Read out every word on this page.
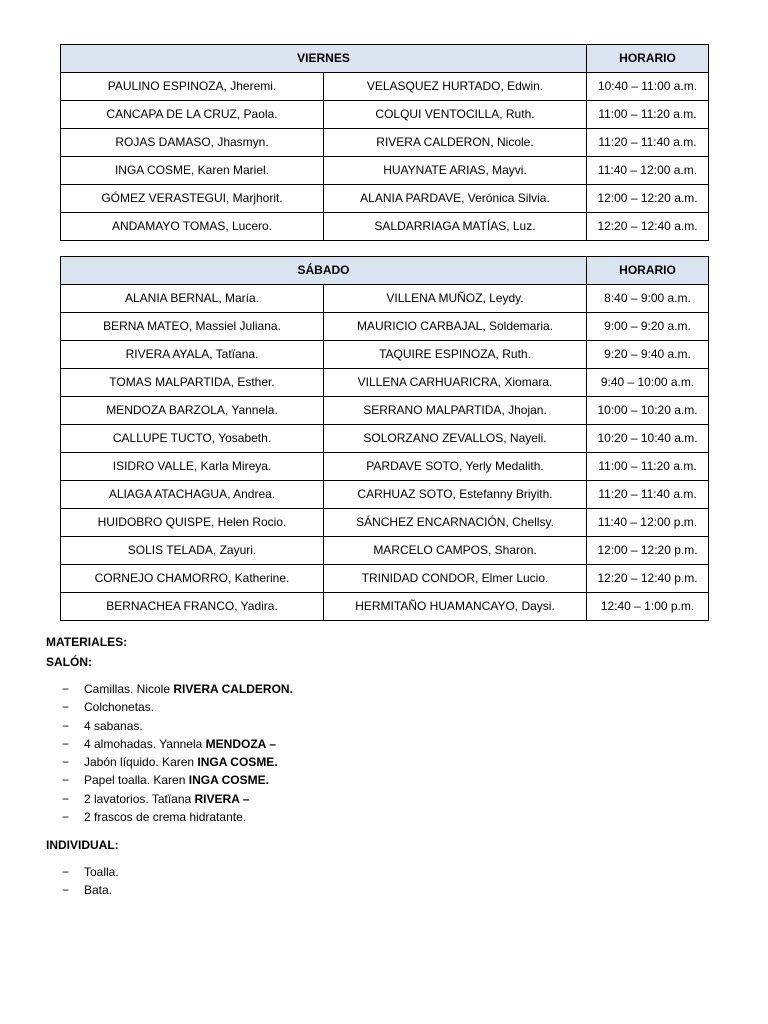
VIERNES		HORARIO
PAULINO ESPINOZA, Jheremi.	VELASQUEZ HURTADO, Edwin.	10:40 – 11:00 a.m.
CANCAPA DE LA CRUZ, Paola.	COLQUI VENTOCILLA, Ruth.	11:00 – 11:20 a.m.
ROJAS DAMASO, Jhasmyn.	RIVERA CALDERON, Nicole.	11:20 – 11:40 a.m.
INGA COSME, Karen Mariel.	HUAYNATE ARIAS, Mayvi.	11:40 – 12:00 a.m.
GÓMEZ VERASTEGUI, Marjhorit.	ALANIA PARDAVE, Verónica Silvia.	12:00 – 12:20 a.m.
ANDAMAYO TOMAS, Lucero.	SALDARRIAGA MATÍAS, Luz.	12:20 – 12:40 a.m.
SÁBADO		HORARIO
ALANIA BERNAL, María.	VILLENA MUÑOZ, Leydy.	8:40 – 9:00 a.m.
BERNA MATEO, Massiel Juliana.	MAURICIO CARBAJAL, Soldemaria.	9:00 – 9:20 a.m.
RIVERA AYALA, Tatïana.	TAQUIRE ESPINOZA, Ruth.	9:20 – 9:40 a.m.
TOMAS MALPARTIDA, Esther.	VILLENA CARHUARICRA, Xiomara.	9:40 – 10:00 a.m.
MENDOZA BARZOLA, Yannela.	SERRANO MALPARTIDA, Jhojan.	10:00 – 10:20 a.m.
CALLUPE TUCTO, Yosabeth.	SOLORZANO ZEVALLOS, Nayeli.	10:20 – 10:40 a.m.
ISIDRO VALLE, Karla Mireya.	PARDAVE SOTO, Yerly Medalith.	11:00 – 11:20 a.m.
ALIAGA ATACHAGUA, Andrea.	CARHUAZ SOTO, Estefanny Briyith.	11:20 – 11:40 a.m.
HUIDOBRO QUISPE, Helen Rocio.	SÁNCHEZ ENCARNACIÓN, Chellsy.	11:40 – 12:00 p.m.
SOLIS TELADA, Zayuri.	MARCELO CAMPOS, Sharon.	12:00 – 12:20 p.m.
CORNEJO CHAMORRO, Katherine.	TRINIDAD CONDOR, Elmer Lucio.	12:20 – 12:40 p.m.
BERNACHEA FRANCO, Yadira.	HERMITAÑO HUAMANCAYO, Daysi.	12:40 – 1:00 p.m.
MATERIALES:
SALÓN:
− Camillas. Nicole RIVERA CALDERON.
− Colchonetas.
− 4 sabanas.
− 4 almohadas. Yannela MENDOZA –
− Jabón líquido. Karen INGA COSME.
− Papel toalla. Karen INGA COSME.
− 2 lavatorios. Tatïana RIVERA –
− 2 frascos de crema hidratante.
INDIVIDUAL:
− Toalla.
− Bata.
